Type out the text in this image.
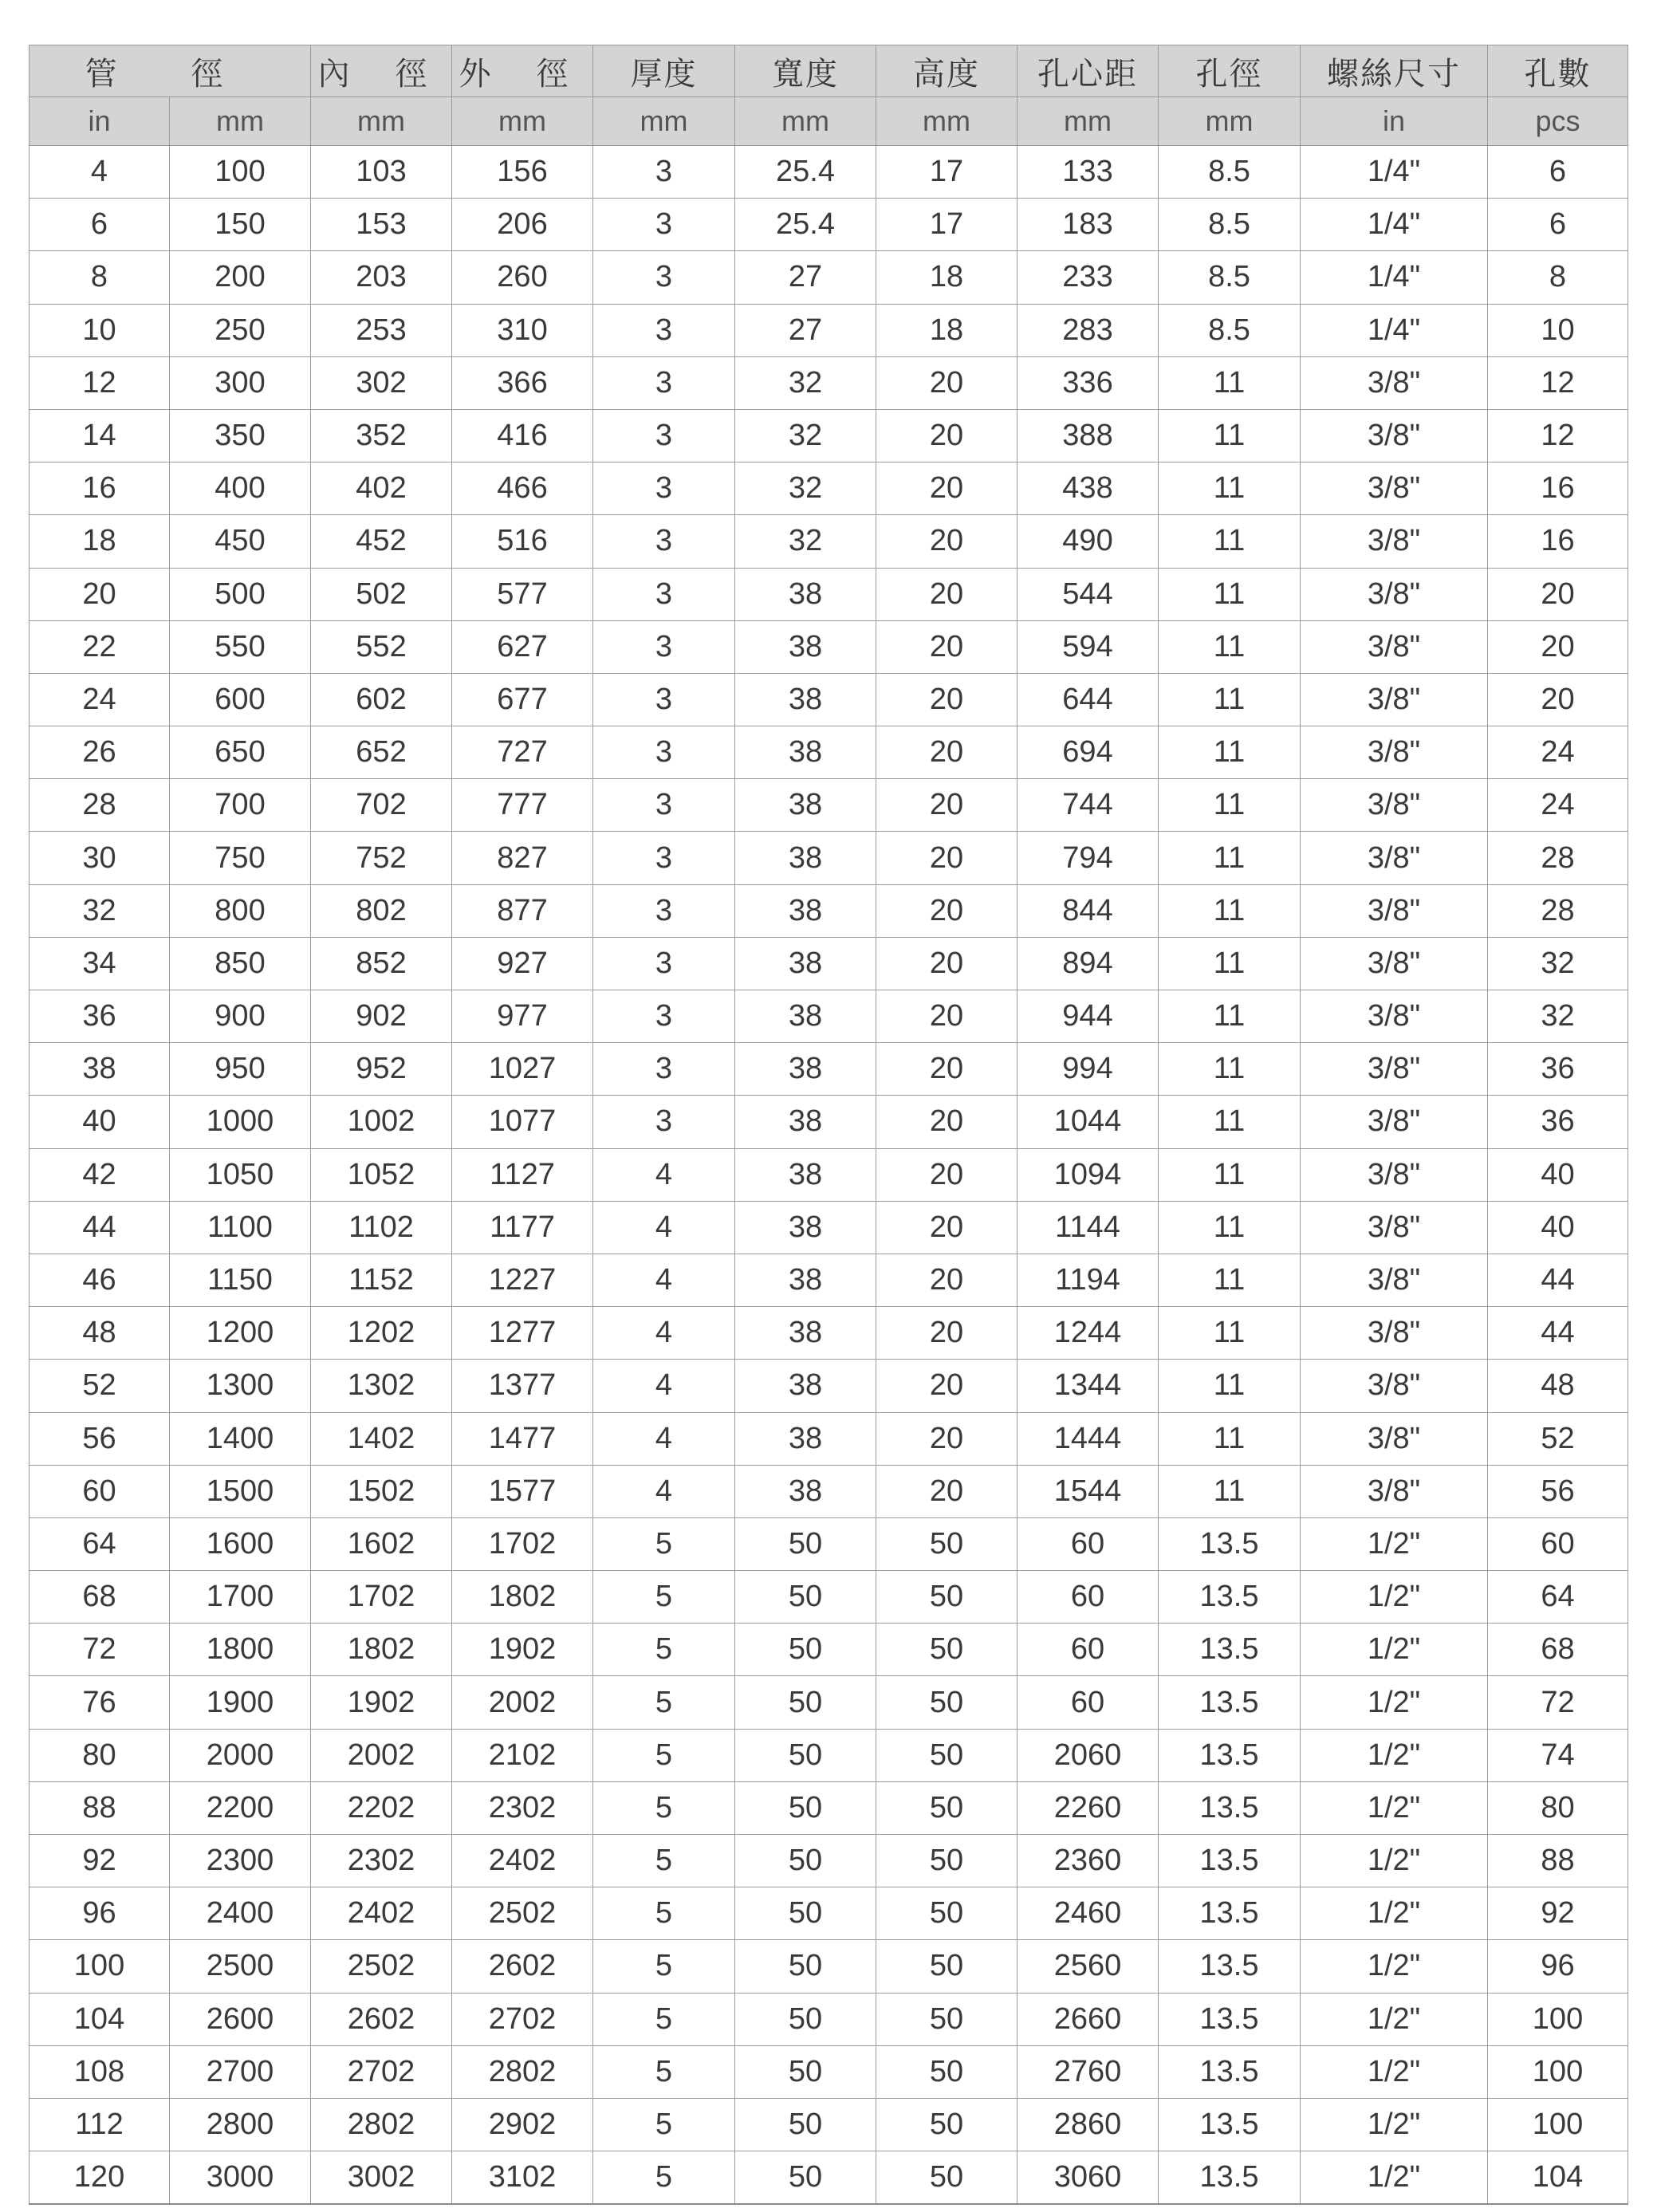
管 徑		內 徑	外 徑	厚度	寬度	高度	孔心距	孔徑	螺絲尺寸	孔數
in	mm	mm	mm	mm	mm	mm	mm	mm	in	pcs
4	100	103	156	3	25.4	17	133	8.5	1/4"	6
6	150	153	206	3	25.4	17	183	8.5	1/4"	6
8	200	203	260	3	27	18	233	8.5	1/4"	8
10	250	253	310	3	27	18	283	8.5	1/4"	10
12	300	302	366	3	32	20	336	11	3/8"	12
14	350	352	416	3	32	20	388	11	3/8"	12
16	400	402	466	3	32	20	438	11	3/8"	16
18	450	452	516	3	32	20	490	11	3/8"	16
20	500	502	577	3	38	20	544	11	3/8"	20
22	550	552	627	3	38	20	594	11	3/8"	20
24	600	602	677	3	38	20	644	11	3/8"	20
26	650	652	727	3	38	20	694	11	3/8"	24
28	700	702	777	3	38	20	744	11	3/8"	24
30	750	752	827	3	38	20	794	11	3/8"	28
32	800	802	877	3	38	20	844	11	3/8"	28
34	850	852	927	3	38	20	894	11	3/8"	32
36	900	902	977	3	38	20	944	11	3/8"	32
38	950	952	1027	3	38	20	994	11	3/8"	36
40	1000	1002	1077	3	38	20	1044	11	3/8"	36
42	1050	1052	1127	4	38	20	1094	11	3/8"	40
44	1100	1102	1177	4	38	20	1144	11	3/8"	40
46	1150	1152	1227	4	38	20	1194	11	3/8"	44
48	1200	1202	1277	4	38	20	1244	11	3/8"	44
52	1300	1302	1377	4	38	20	1344	11	3/8"	48
56	1400	1402	1477	4	38	20	1444	11	3/8"	52
60	1500	1502	1577	4	38	20	1544	11	3/8"	56
64	1600	1602	1702	5	50	50	60	13.5	1/2"	60
68	1700	1702	1802	5	50	50	60	13.5	1/2"	64
72	1800	1802	1902	5	50	50	60	13.5	1/2"	68
76	1900	1902	2002	5	50	50	60	13.5	1/2"	72
80	2000	2002	2102	5	50	50	2060	13.5	1/2"	74
88	2200	2202	2302	5	50	50	2260	13.5	1/2"	80
92	2300	2302	2402	5	50	50	2360	13.5	1/2"	88
96	2400	2402	2502	5	50	50	2460	13.5	1/2"	92
100	2500	2502	2602	5	50	50	2560	13.5	1/2"	96
104	2600	2602	2702	5	50	50	2660	13.5	1/2"	100
108	2700	2702	2802	5	50	50	2760	13.5	1/2"	100
112	2800	2802	2902	5	50	50	2860	13.5	1/2"	100
120	3000	3002	3102	5	50	50	3060	13.5	1/2"	104
